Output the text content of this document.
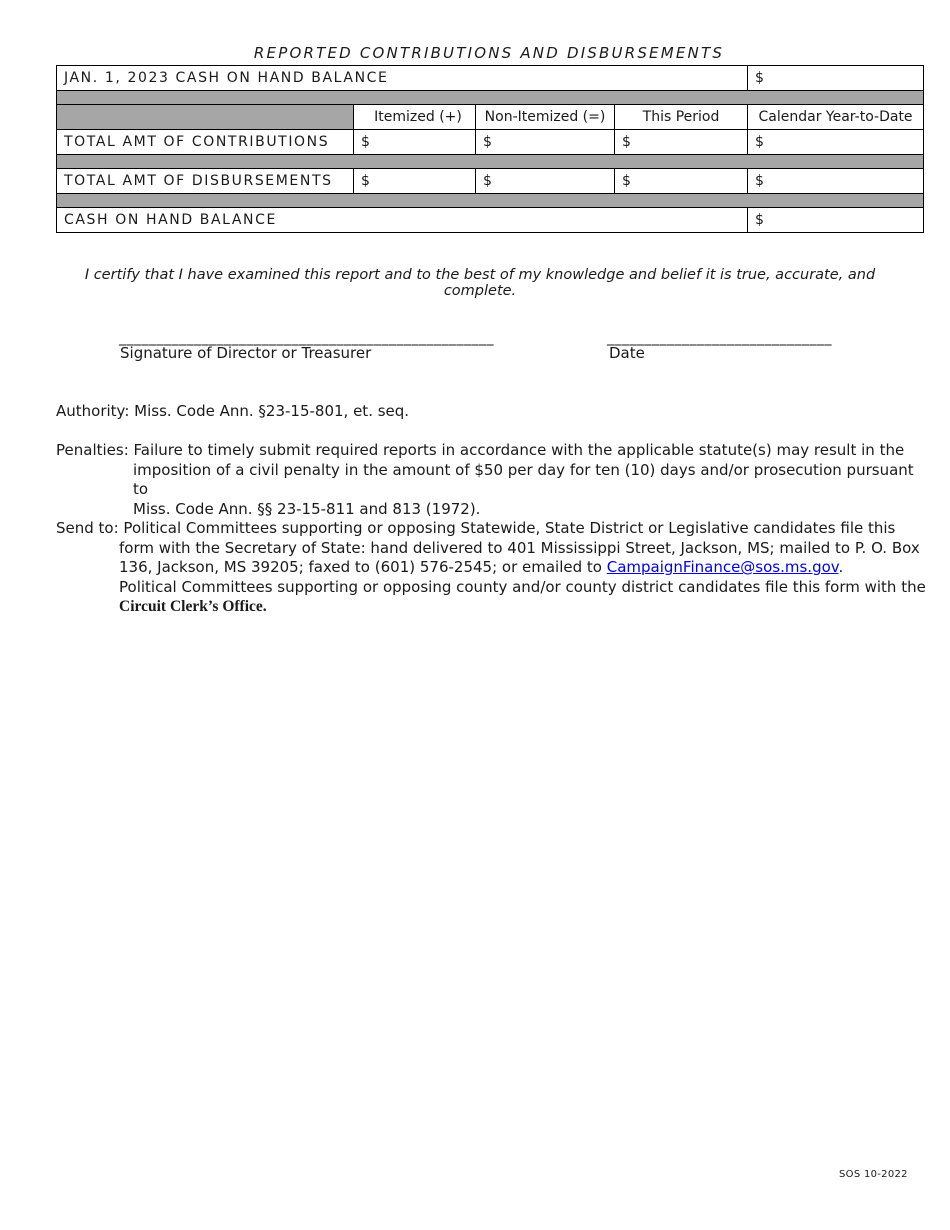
REPORTED CONTRIBUTIONS AND DISBURSEMENTS
JAN. 1, 2023 CASH ON HAND BALANCE				$

	Itemized (+)	Non-Itemized (=)	This Period	Calendar Year-to-Date
TOTAL AMT OF CONTRIBUTIONS	$	$	$	$

TOTAL AMT OF DISBURSEMENTS	$	$	$	$

CASH ON HAND BALANCE				$
I certify that I have examined this report and to the best of my knowledge and belief it is true, accurate, and complete.
__________________________________________________
Signature of Director or Treasurer
______________________________
Date
Authority: Miss. Code Ann. §23-15-801, et. seq.
Penalties: Failure to timely submit required reports in accordance with the applicable statute(s) may result in the
imposition of a civil penalty in the amount of $50 per day for ten (10) days and/or prosecution pursuant to
Miss. Code Ann. §§ 23-15-811 and 813 (1972).
Send to: Political Committees supporting or opposing Statewide, State District or Legislative candidates file this
form with the Secretary of State: hand delivered to 401 Mississippi Street, Jackson, MS; mailed to P. O. Box
136, Jackson, MS 39205; faxed to (601) 576-2545; or emailed to CampaignFinance@sos.ms.gov.
Political Committees supporting or opposing county and/or county district candidates file this form with the
Circuit Clerk’s Office.
SOS 10-2022
